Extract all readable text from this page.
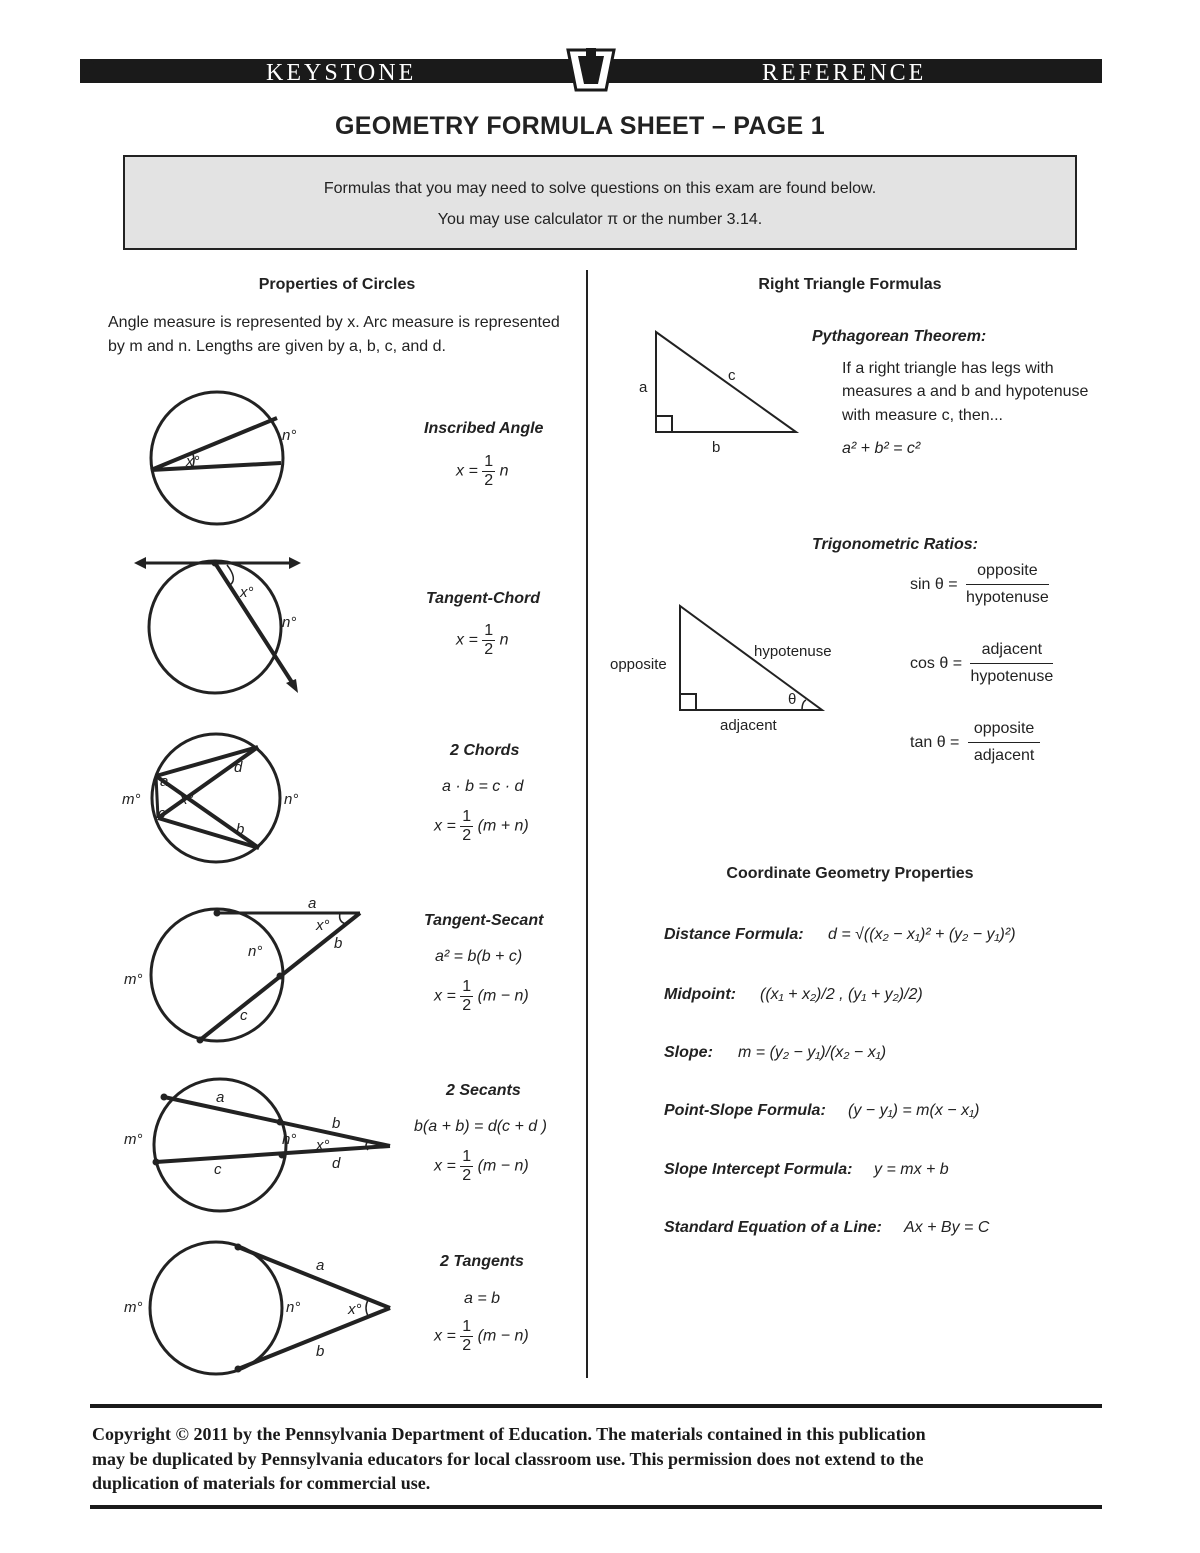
KEYSTONE	REFERENCE
GEOMETRY FORMULA SHEET – PAGE 1
Formulas that you may need to solve questions on this exam are found below.
You may use calculator π or the number 3.14.
Properties of Circles
Angle measure is represented by x. Arc measure is represented
by m and n. Lengths are given by a, b, c, and d.
x°
n°	Inscribed Angle
$x = \frac{1}{2}$ n
x°
n°
Tangent-Chord
$x = \frac{1}{2}$ n
a
c
d
b
x°
m°	n°
2 Chords
a · b = c · d
$x = \frac{1}{2} (m + n)$
a
x°
b
n°
m°
c
Tangent-Secant
a² = b(b + c)
$x = \frac{1}{2} (m - n)$
a
b
d
c
x°
n°
m°
2 Secants
b(a + b) = d(c + d )
$x = \frac{1}{2} (m - n)$
a
b
x°
n°
m°
2 Tangents
a = b
$x = \frac{1}{2} (m - n)$
Right Triangle Formulas
a
c
b
Pythagorean Theorem:
If a right triangle has legs with
measures a and b and hypotenuse
with measure c, then...
a² + b² = c²
Trigonometric Ratios:
opposite
hypotenuse
adjacent
θ
sin θ =
opposite
hypotenuse
cos θ =
adjacent
hypotenuse
tan θ =
opposite
adjacent
Coordinate Geometry Properties
Distance Formula: d = √((x₂ − x₁)² + (y₂ − y₁)²)
Midpoint: ((x₁ + x₂)/2 , (y₁ + y₂)/2)
Slope: m = (y₂ − y₁)/(x₂ − x₁)
Point-Slope Formula: (y − y₁) = m(x − x₁)
Slope Intercept Formula: y = mx + b
Standard Equation of a Line: Ax + By = C
Copyright © 2011 by the Pennsylvania Department of Education. The materials contained in this publication
may be duplicated by Pennsylvania educators for local classroom use. This permission does not extend to the
duplication of materials for commercial use.
